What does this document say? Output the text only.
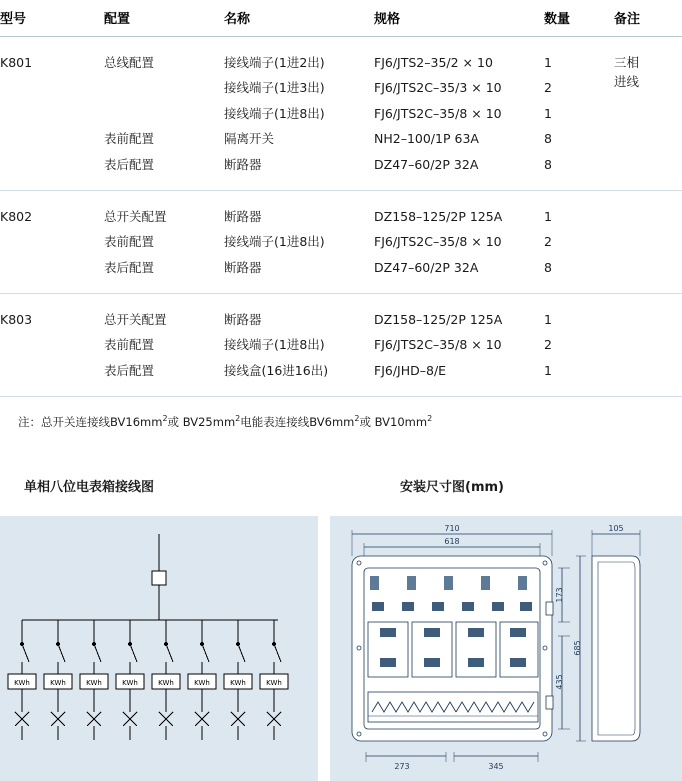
型号	配置	名称	规格	数量	备注

K801	总线配置	接线端子(1进2出)	FJ6/JTS2–35/2 × 10	1	三相
进线
		接线端子(1进3出)	FJ6/JTS2C–35/3 × 10	2	
		接线端子(1进8出)	FJ6/JTS2C–35/8 × 10	1	
	表前配置	隔离开关	NH2–100/1P 63A	8	
	表后配置	断路器	DZ47–60/2P 32A	8	

K802	总开关配置	断路器	DZ158–125/2P 125A	1	
	表前配置	接线端子(1进8出)	FJ6/JTS2C–35/8 × 10	2	
	表后配置	断路器	DZ47–60/2P 32A	8	

K803	总开关配置	断路器	DZ158–125/2P 125A	1	
	表前配置	接线端子(1进8出)	FJ6/JTS2C–35/8 × 10	2	
	表后配置	接线盒(16进16出)	FJ6/JHD–8/E	1	

注：总开关连接线$BV16mm^2$或 $BV25mm^2$电能表连接线$BV6mm^2$或 $BV10mm^2$
单相八位电表箱接线图	安装尺寸图(mm)
KWh	KWh	KWh	KWh	KWh	KWh	KWh	KWh
710
618
105
273	345
173
435
685
